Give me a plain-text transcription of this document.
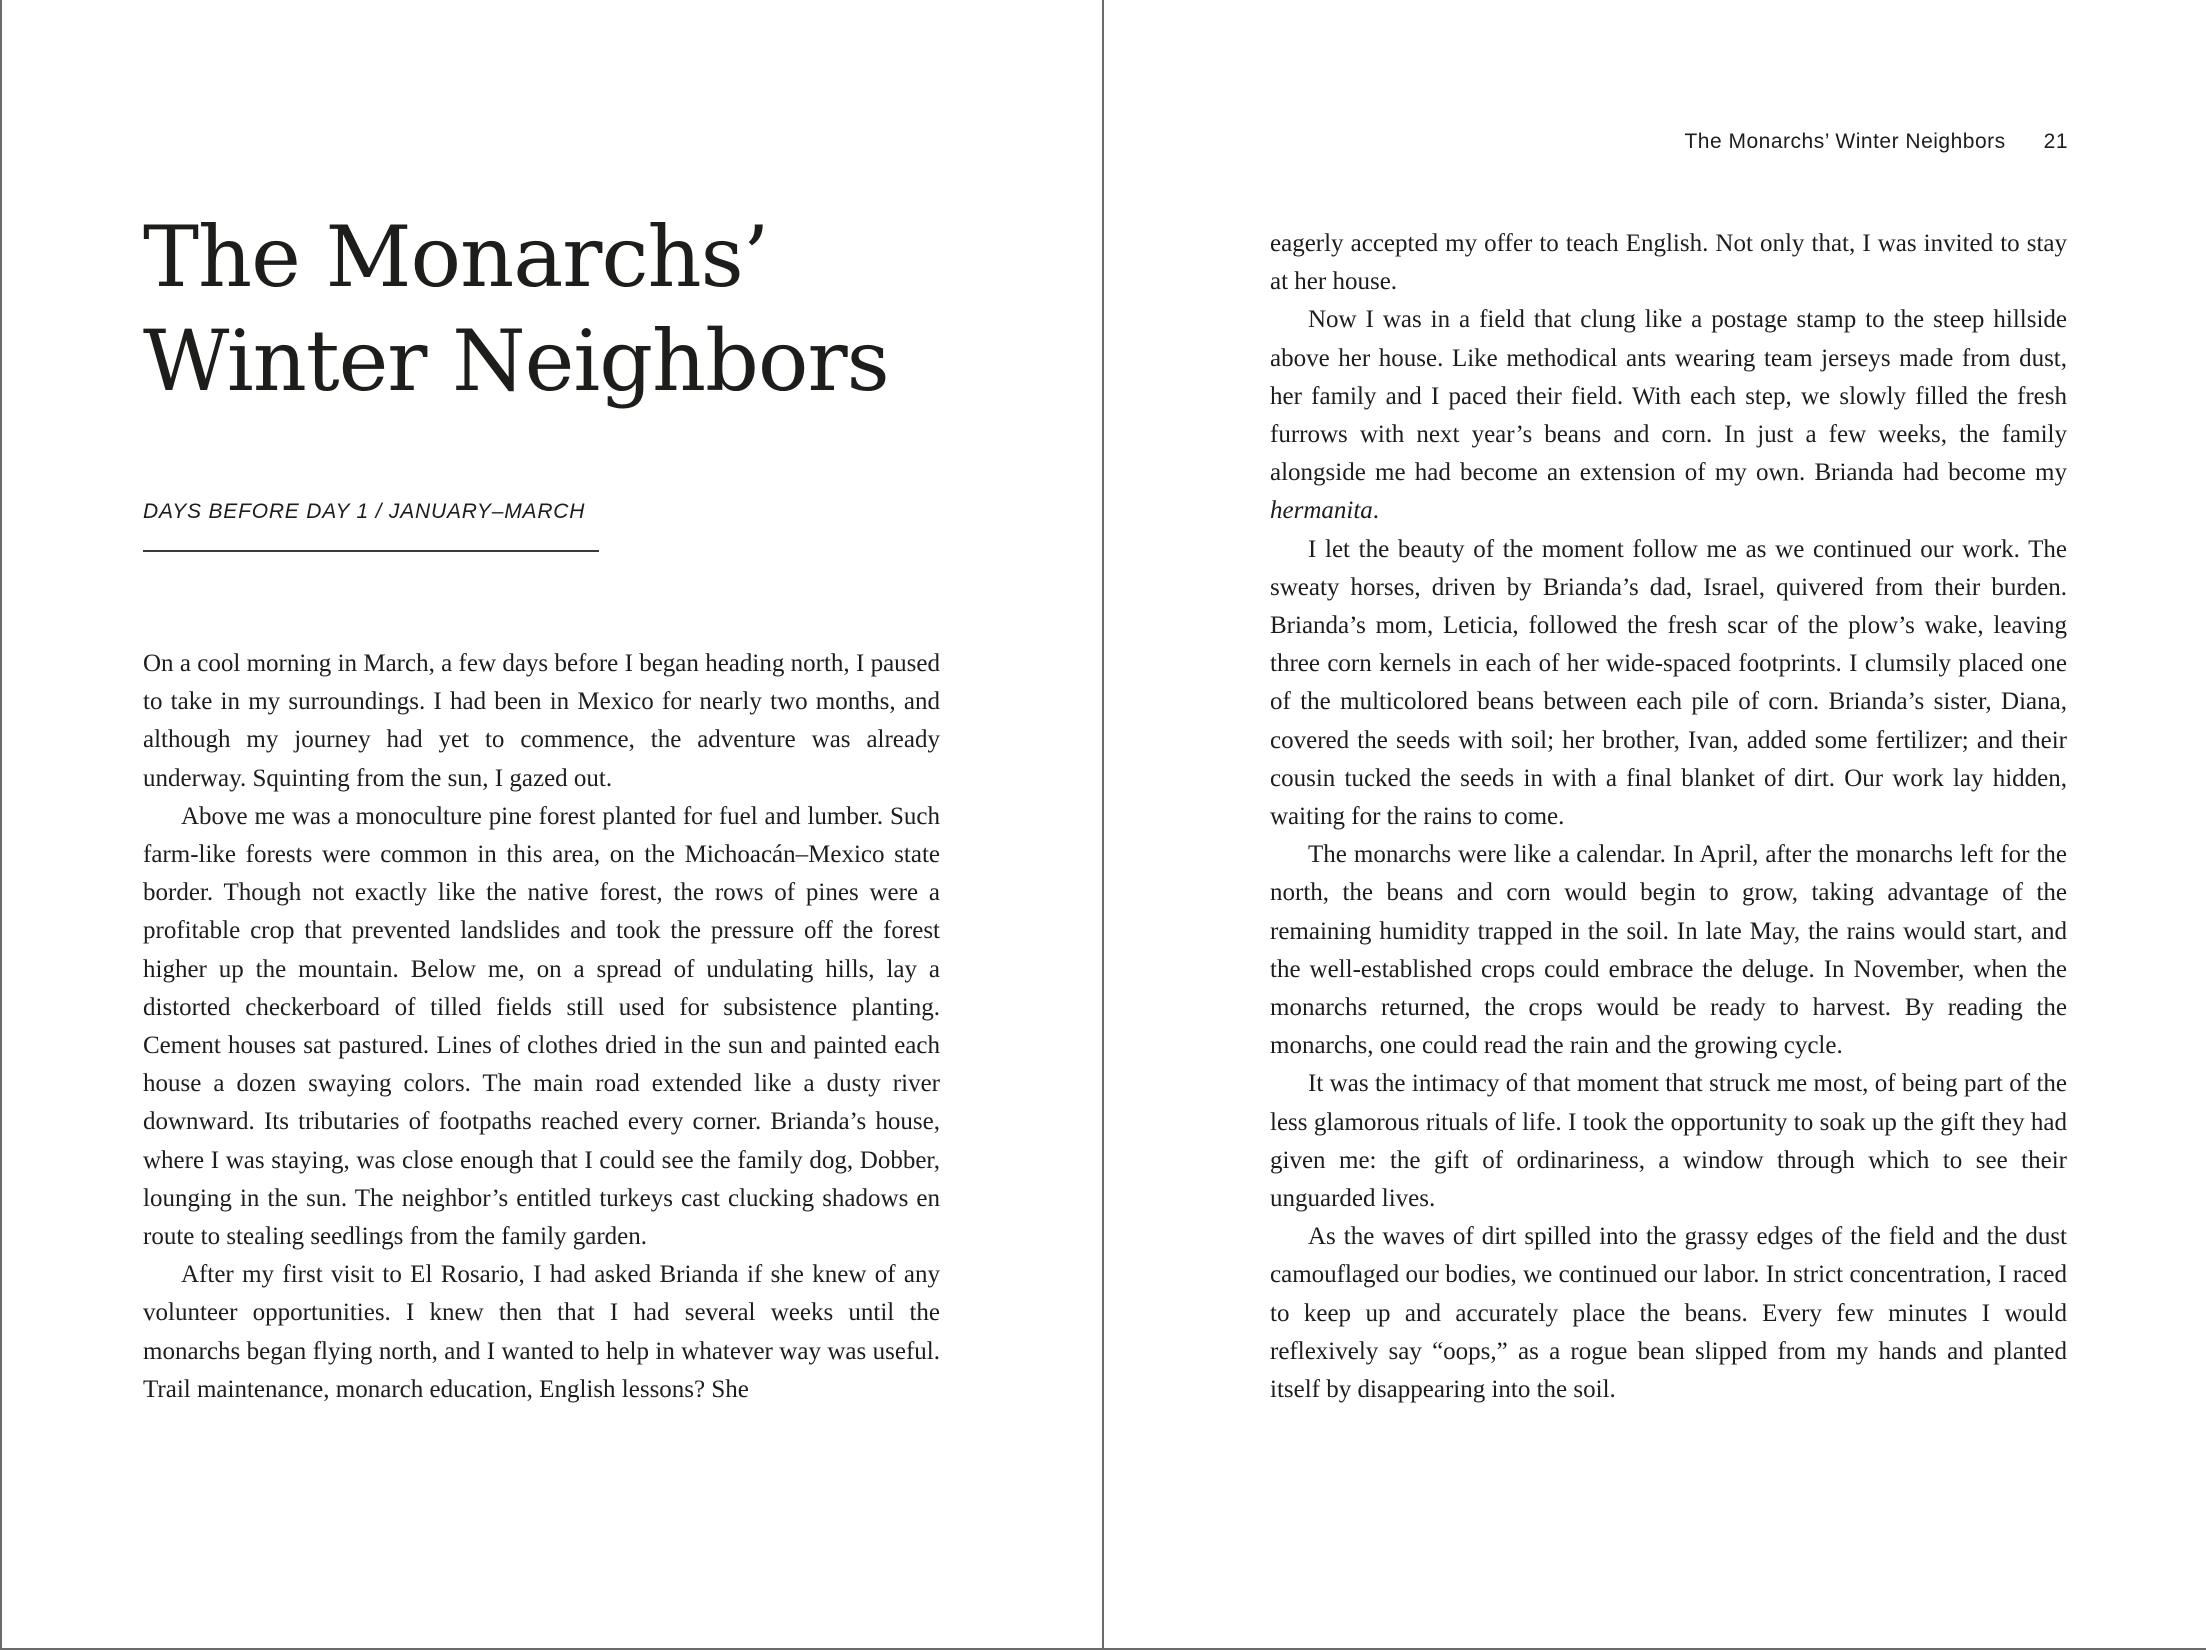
The Monarchs’
Winter Neighbors
DAYS BEFORE DAY 1 / JANUARY–MARCH

On a cool morning in March, a few days before I began heading north, I paused to take in my surroundings. I had been in Mexico for nearly two months, and although my journey had yet to commence, the adventure was already underway. Squinting from the sun, I gazed out.

Above me was a monoculture pine forest planted for fuel and lumber. Such farm-like forests were common in this area, on the Michoacán–Mexico state border. Though not exactly like the native forest, the rows of pines were a profitable crop that prevented landslides and took the pressure off the forest higher up the mountain. Below me, on a spread of undulating hills, lay a distorted checkerboard of tilled fields still used for subsistence planting. Cement houses sat pastured. Lines of clothes dried in the sun and painted each house a dozen swaying colors. The main road extended like a dusty river downward. Its tributaries of footpaths reached every corner. Brianda’s house, where I was staying, was close enough that I could see the family dog, Dobber, lounging in the sun. The neighbor’s entitled turkeys cast clucking shadows en route to stealing seedlings from the family garden.

After my first visit to El Rosario, I had asked Brianda if she knew of any volunteer opportunities. I knew then that I had several weeks until the monarchs began flying north, and I wanted to help in whatever way was useful. Trail maintenance, monarch education, English lessons? She

The Monarchs’ Winter Neighbors 21

eagerly accepted my offer to teach English. Not only that, I was invited to stay at her house.

Now I was in a field that clung like a postage stamp to the steep hillside above her house. Like methodical ants wearing team jerseys made from dust, her family and I paced their field. With each step, we slowly filled the fresh furrows with next year’s beans and corn. In just a few weeks, the family alongside me had become an extension of my own. Brianda had become my hermanita.

I let the beauty of the moment follow me as we continued our work. The sweaty horses, driven by Brianda’s dad, Israel, quivered from their burden. Brianda’s mom, Leticia, followed the fresh scar of the plow’s wake, leaving three corn kernels in each of her wide-spaced footprints. I clumsily placed one of the multicolored beans between each pile of corn. Brianda’s sister, Diana, covered the seeds with soil; her brother, Ivan, added some fertilizer; and their cousin tucked the seeds in with a final blanket of dirt. Our work lay hidden, waiting for the rains to come.

The monarchs were like a calendar. In April, after the monarchs left for the north, the beans and corn would begin to grow, taking advantage of the remaining humidity trapped in the soil. In late May, the rains would start, and the well-established crops could embrace the deluge. In November, when the monarchs returned, the crops would be ready to harvest. By reading the monarchs, one could read the rain and the growing cycle.

It was the intimacy of that moment that struck me most, of being part of the less glamorous rituals of life. I took the opportunity to soak up the gift they had given me: the gift of ordinariness, a window through which to see their unguarded lives.

As the waves of dirt spilled into the grassy edges of the field and the dust camouflaged our bodies, we continued our labor. In strict concentration, I raced to keep up and accurately place the beans. Every few minutes I would reflexively say “oops,” as a rogue bean slipped from my hands and planted itself by disappearing into the soil.
